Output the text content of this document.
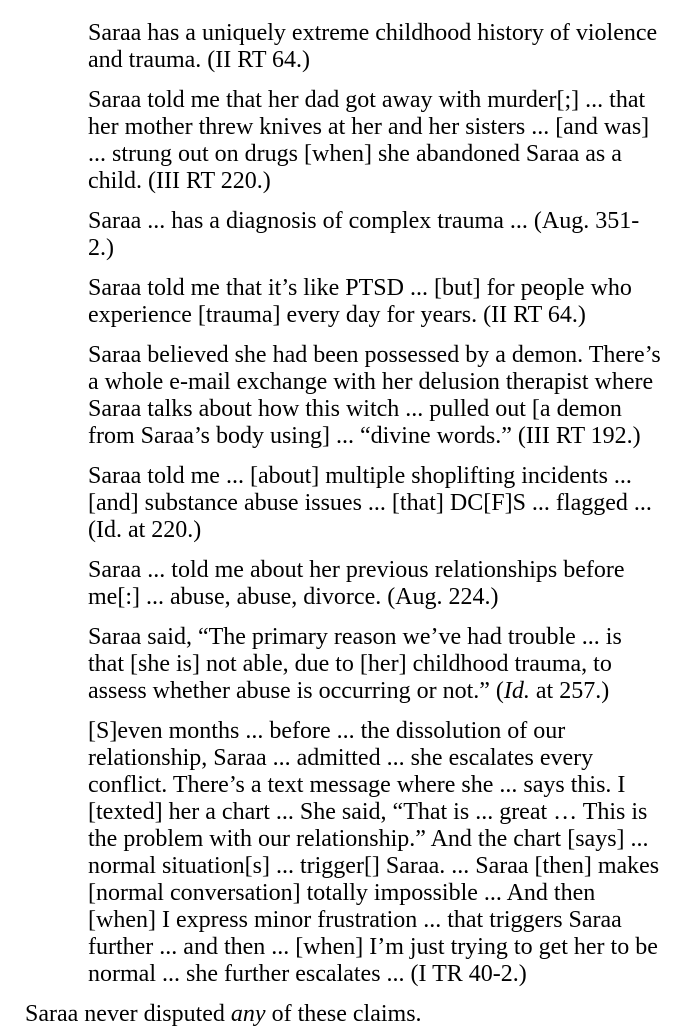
Saraa has a uniquely extreme childhood history of violence and trauma. (II RT 64.)

Saraa told me that her dad got away with murder[;] ... that her mother threw knives at her and her sisters ... [and was] ... strung out on drugs [when] she abandoned Saraa as a child. (III RT 220.)

Saraa ... has a diagnosis of complex trauma ... (Aug. 351-2.)

Saraa told me that it’s like PTSD ... [but] for people who experience [trauma] every day for years. (II RT 64.)

Saraa believed she had been possessed by a demon. There’s a whole e-mail exchange with her delusion therapist where Saraa talks about how this witch ... pulled out [a demon from Saraa’s body using] ... “divine words.” (III RT 192.)

Saraa told me ... [about] multiple shoplifting incidents ... [and] substance abuse issues ... [that] DC[F]S ... flagged ... (Id. at 220.)

Saraa ... told me about her previous relationships before me[:] ... abuse, abuse, divorce. (Aug. 224.)

Saraa said, “The primary reason we’ve had trouble ... is that [she is] not able, due to [her] childhood trauma, to assess whether abuse is occurring or not.” (Id. at 257.)

[S]even months ... before ... the dissolution of our relationship, Saraa ... admitted ... she escalates every conflict. There’s a text message where she ... says this. I [texted] her a chart ... She said, “That is ... great … This is the problem with our relationship.” And the chart [says] ... normal situation[s] ... trigger[] Saraa. ... Saraa [then] makes [normal conversation] totally impossible ... And then [when] I express minor frustration ... that triggers Saraa further ... and then ... [when] I’m just trying to get her to be normal ... she further escalates ... (I TR 40-2.)

Saraa never disputed any of these claims.
